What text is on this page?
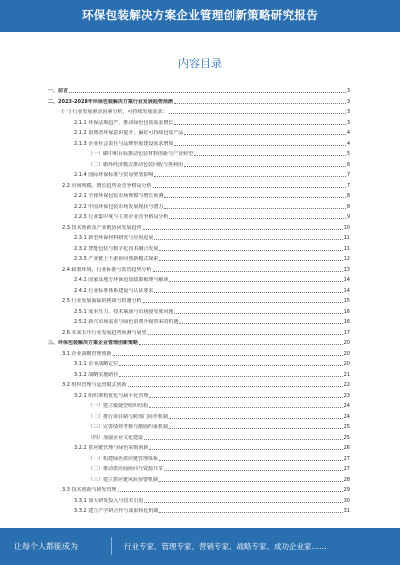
环保包装解决方案企业管理创新策略研究报告
内容目录
一、前言	3
二、2023-2028年环保包装解决方案行业发展趋势预测	3
(一) 行业发展驱动因素分析，可持续发展需求：	3
2.1.1 环保法规趋严，推动绿色包装需求增长	3
2.1.2 消费者环保意识提升，偏好可持续包装产品	4
2.1.3 企业社会责任与品牌形象建设需求增加	4
（一）碳中和目标推动包装材料创新与产业转型	5
（二）循环经济模式推动包装回收与再利用	6
2.1.4 国际环保标准与贸易壁垒影响	7
2.2 市场规模、增长趋势及竞争格局分析	7
2.2.1 全球环保包装市场规模与增长预测	8
2.2.2 中国环保包装市场发展现状与潜力	8
2.2.3 行业集中度与主要企业竞争格局分析	9
2.3 技术创新及产业链协同发展趋势	10
2.3.1 新型环保材料研发与应用进展	11
2.3.2 智能包装与数字化技术融合发展	11
2.3.3 产业链上下游协同创新模式探索	12
2.4 政策环境、行业标准与监管趋势分析	13
2.4.1 国家及地方环保包装政策梳理与解读	14
2.4.2 行业标准体系建设与认证要求	14
2.5 行业发展面临的挑战与机遇分析	15
2.5.1 成本压力、技术瓶颈与市场接受度问题	16
2.5.2 新兴市场需求与绿色消费升级带来的机遇	16
2.6 未来五年行业发展趋势预测与展望	17
三、环保包装解决方案企业管理创新策略	20
3.1 企业战略管理创新	20
3.1.1 企业战略定位	20
3.1.2 战略实施路径	21
3.2 组织管理与运营模式创新	22
3.2.1 组织架构优化与扁平化管理	23
（一）建立敏捷型组织结构	24
（二）推行项目制与跨部门协作机制	24
（三）完善绩效考核与激励约束机制	25
（四）加强企业文化建设	25
3.2.2 供应链管理与绿色采购创新	26
（一）构建绿色供应链管理体系	27
（二）推动供应商协同与资源共享	27
（三）建立供应链风险预警机制	28
3.3 技术创新与研发管理	29
3.3.1 加大研发投入与技术引进	30
3.3.2 建立产学研合作与成果转化机制	31
让每个人都能成为	行业专家、管理专家、营销专家、战略专家、成功企业家……
